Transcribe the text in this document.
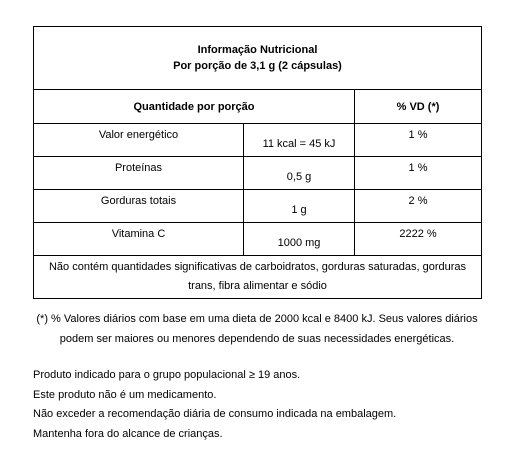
Informação Nutricional
Por porção de 3,1 g (2 cápsulas)		

Quantidade por porção		% VD (*)
Valor energético	11 kcal = 45 kJ	1 %
Proteínas	0,5 g	1 %
Gorduras totais	1 g	2 %
Vitamina C	1000 mg	2222 %

Não contém quantidades significativas de carboidratos, gorduras saturadas, gorduras
trans, fibra alimentar e sódio		
(*) % Valores diários com base em uma dieta de 2000 kcal e 8400 kJ. Seus valores diários
podem ser maiores ou menores dependendo de suas necessidades energéticas.
Produto indicado para o grupo populacional ≥ 19 anos.
Este produto não é um medicamento.
Não exceder a recomendação diária de consumo indicada na embalagem.
Mantenha fora do alcance de crianças.
